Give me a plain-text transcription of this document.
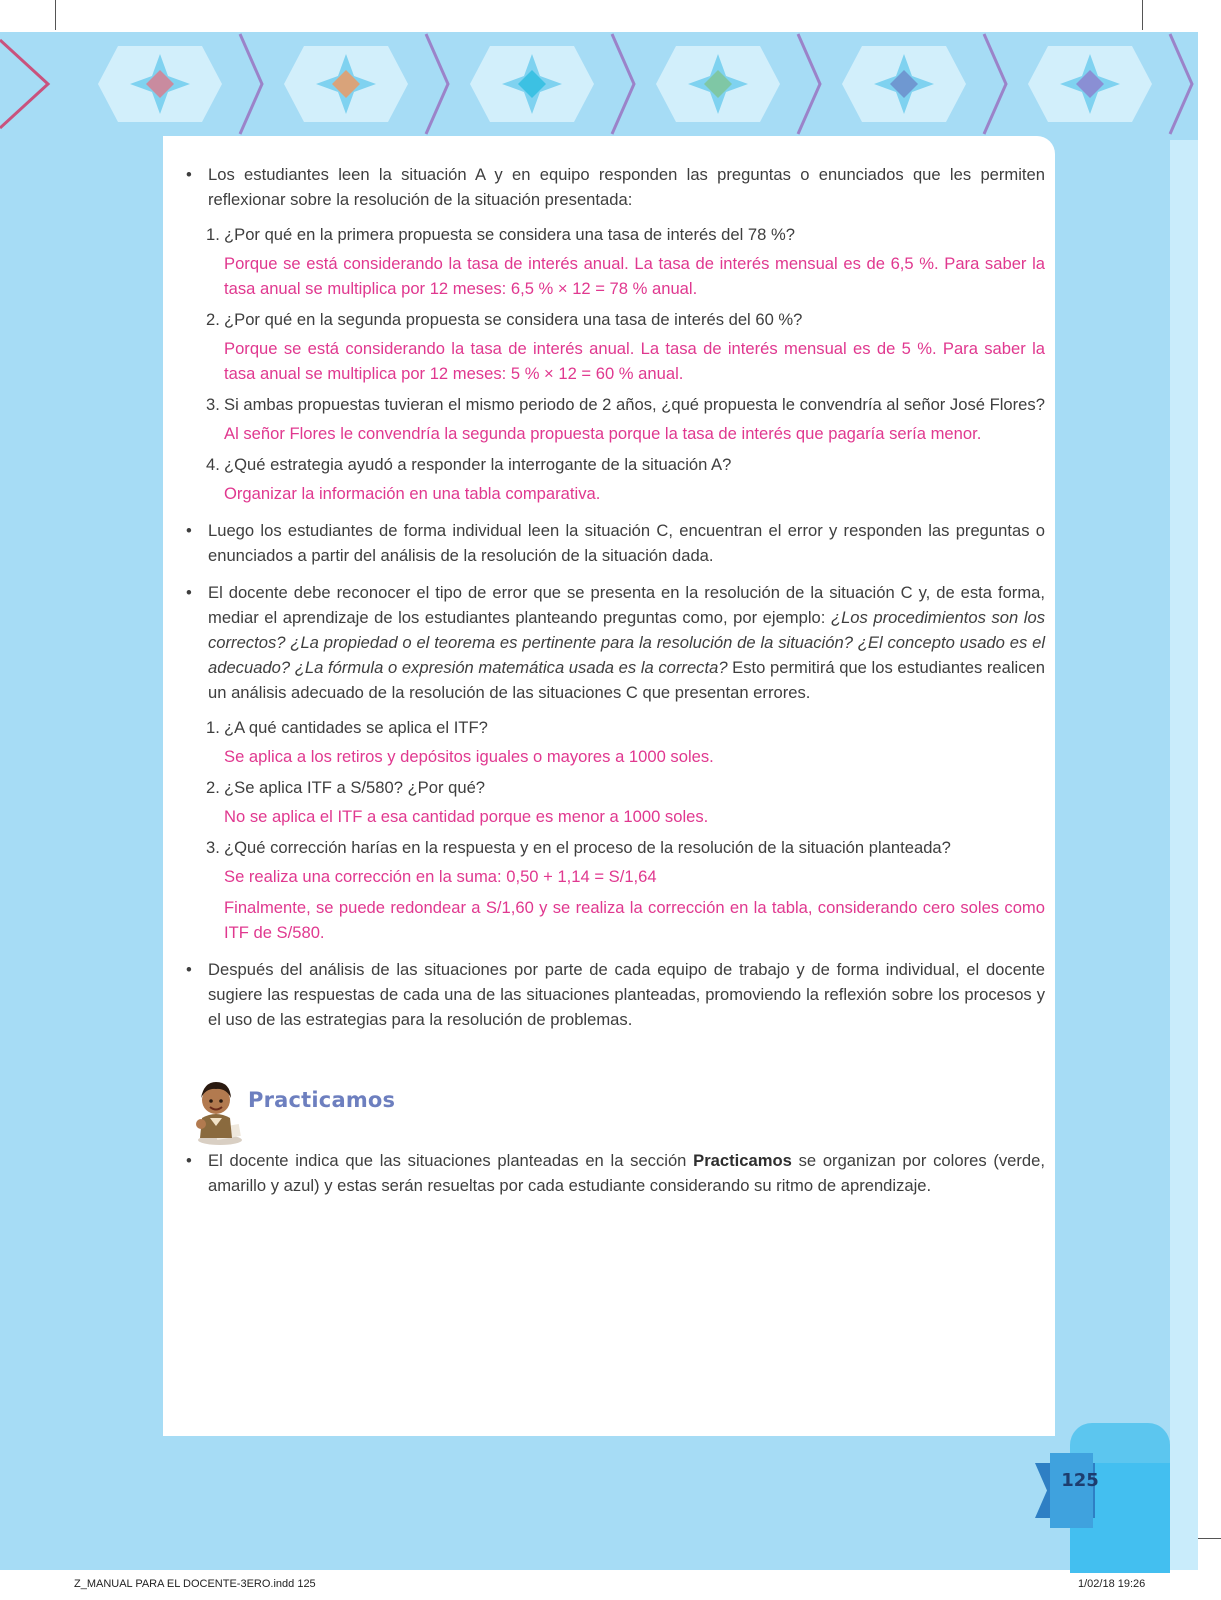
• Los estudiantes leen la situación A y en equipo responden las preguntas o enunciados que les permiten reflexionar sobre la resolución de la situación presentada:
1. ¿Por qué en la primera propuesta se considera una tasa de interés del 78 %?
Porque se está considerando la tasa de interés anual. La tasa de interés mensual es de 6,5 %. Para saber la tasa anual se multiplica por 12 meses: 6,5 % × 12 = 78 % anual.
2. ¿Por qué en la segunda propuesta se considera una tasa de interés del 60 %?
Porque se está considerando la tasa de interés anual. La tasa de interés mensual es de 5 %. Para saber la tasa anual se multiplica por 12 meses: 5 % × 12 = 60 % anual.
3. Si ambas propuestas tuvieran el mismo periodo de 2 años, ¿qué propuesta le convendría al señor José Flores?
Al señor Flores le convendría la segunda propuesta porque la tasa de interés que pagaría sería menor.
4. ¿Qué estrategia ayudó a responder la interrogante de la situación A?
Organizar la información en una tabla comparativa.
• Luego los estudiantes de forma individual leen la situación C, encuentran el error y responden las preguntas o enunciados a partir del análisis de la resolución de la situación dada.
• El docente debe reconocer el tipo de error que se presenta en la resolución de la situación C y, de esta forma, mediar el aprendizaje de los estudiantes planteando preguntas como, por ejemplo: ¿Los procedimientos son los correctos? ¿La propiedad o el teorema es pertinente para la resolución de la situación? ¿El concepto usado es el adecuado? ¿La fórmula o expresión matemática usada es la correcta? Esto permitirá que los estudiantes realicen un análisis adecuado de la resolución de las situaciones C que presentan errores.
1. ¿A qué cantidades se aplica el ITF?
Se aplica a los retiros y depósitos iguales o mayores a 1000 soles.
2. ¿Se aplica ITF a S/580? ¿Por qué?
No se aplica el ITF a esa cantidad porque es menor a 1000 soles.
3. ¿Qué corrección harías en la respuesta y en el proceso de la resolución de la situación planteada?
Se realiza una corrección en la suma: 0,50 + 1,14 = S/1,64
Finalmente, se puede redondear a S/1,60 y se realiza la corrección en la tabla, considerando cero soles como ITF de S/580.
• Después del análisis de las situaciones por parte de cada equipo de trabajo y de forma individual, el docente sugiere las respuestas de cada una de las situaciones planteadas, promoviendo la reflexión sobre los procesos y el uso de las estrategias para la resolución de problemas.
Practicamos
• El docente indica que las situaciones planteadas en la sección Practicamos se organizan por colores (verde, amarillo y azul) y estas serán resueltas por cada estudiante considerando su ritmo de aprendizaje.
125
Z_MANUAL PARA EL DOCENTE-3ERO.indd 125	1/02/18 19:26
